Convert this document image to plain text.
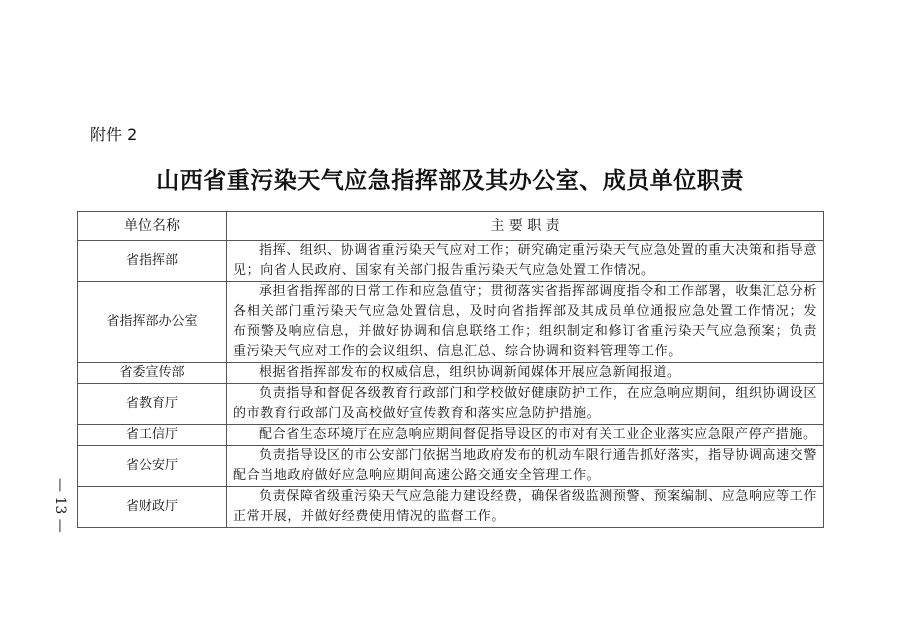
附件 2
山西省重污染天气应急指挥部及其办公室、成员单位职责
单位名称	主 要 职 责
省指挥部	指挥、组织、协调省重污染天气应对工作；研究确定重污染天气应急处置的重大决策和指导意见；向省人民政府、国家有关部门报告重污染天气应急处置工作情况。
省指挥部办公室	承担省指挥部的日常工作和应急值守；贯彻落实省指挥部调度指令和工作部署，收集汇总分析各相关部门重污染天气应急处置信息，及时向省指挥部及其成员单位通报应急处置工作情况；发布预警及响应信息，并做好协调和信息联络工作；组织制定和修订省重污染天气应急预案；负责重污染天气应对工作的会议组织、信息汇总、综合协调和资料管理等工作。
省委宣传部	根据省指挥部发布的权威信息，组织协调新闻媒体开展应急新闻报道。
省教育厅	负责指导和督促各级教育行政部门和学校做好健康防护工作，在应急响应期间，组织协调设区的市教育行政部门及高校做好宣传教育和落实应急防护措施。
省工信厅	配合省生态环境厅在应急响应期间督促指导设区的市对有关工业企业落实应急限产停产措施。
省公安厅	负责指导设区的市公安部门依据当地政府发布的机动车限行通告抓好落实，指导协调高速交警配合当地政府做好应急响应期间高速公路交通安全管理工作。
省财政厅	负责保障省级重污染天气应急能力建设经费，确保省级监测预警、预案编制、应急响应等工作正常开展，并做好经费使用情况的监督工作。
— 13 —
